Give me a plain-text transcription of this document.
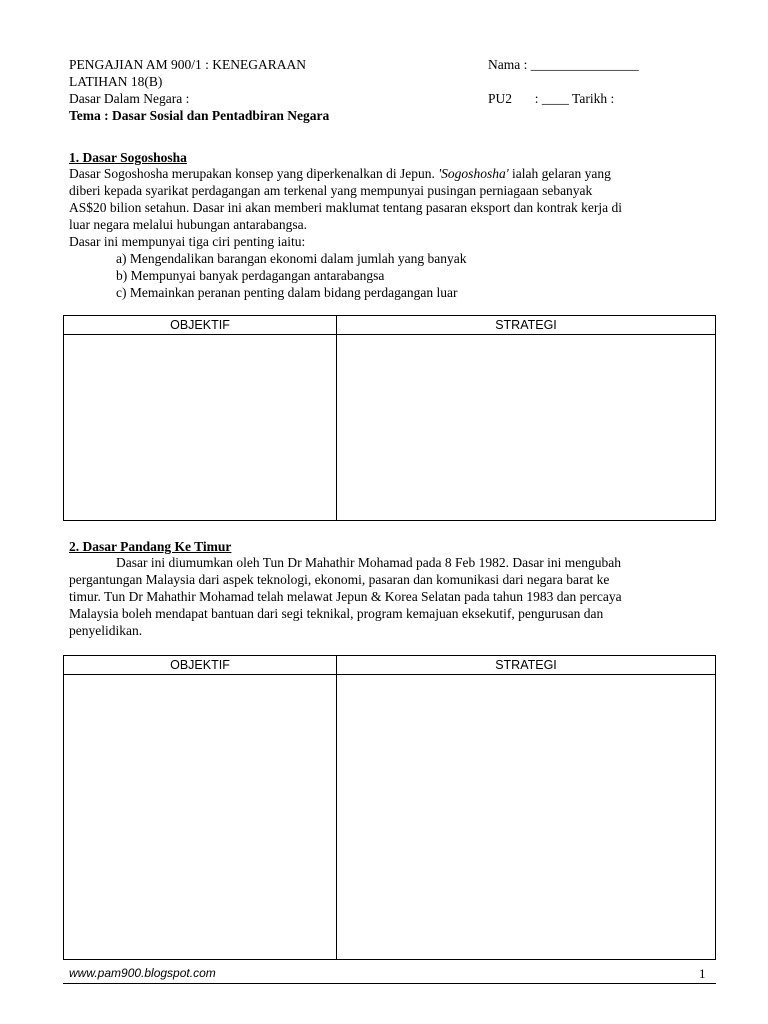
PENGAJIAN AM 900/1 : KENEGARAAN
LATIHAN 18(B)
Dasar Dalam Negara :
Tema : Dasar Sosial dan Pentadbiran Negara
Nama : ________________
PU2 : ____ Tarikh :
1. Dasar Sogoshosha
Dasar Sogoshosha merupakan konsep yang diperkenalkan di Jepun. 'Sogoshosha' ialah gelaran yang
diberi kepada syarikat perdagangan am terkenal yang mempunyai pusingan perniagaan sebanyak
AS$20 bilion setahun. Dasar ini akan memberi maklumat tentang pasaran eksport dan kontrak kerja di
luar negara melalui hubungan antarabangsa.
Dasar ini mempunyai tiga ciri penting iaitu:
a) Mengendalikan barangan ekonomi dalam jumlah yang banyak
b) Mempunyai banyak perdagangan antarabangsa
c) Memainkan peranan penting dalam bidang perdagangan luar
OBJEKTIF	STRATEGI
2. Dasar Pandang Ke Timur
Dasar ini diumumkan oleh Tun Dr Mahathir Mohamad pada 8 Feb 1982. Dasar ini mengubah
pergantungan Malaysia dari aspek teknologi, ekonomi, pasaran dan komunikasi dari negara barat ke
timur. Tun Dr Mahathir Mohamad telah melawat Jepun & Korea Selatan pada tahun 1983 dan percaya
Malaysia boleh mendapat bantuan dari segi teknikal, program kemajuan eksekutif, pengurusan dan
penyelidikan.
OBJEKTIF	STRATEGI
www.pam900.blogspot.com	1
